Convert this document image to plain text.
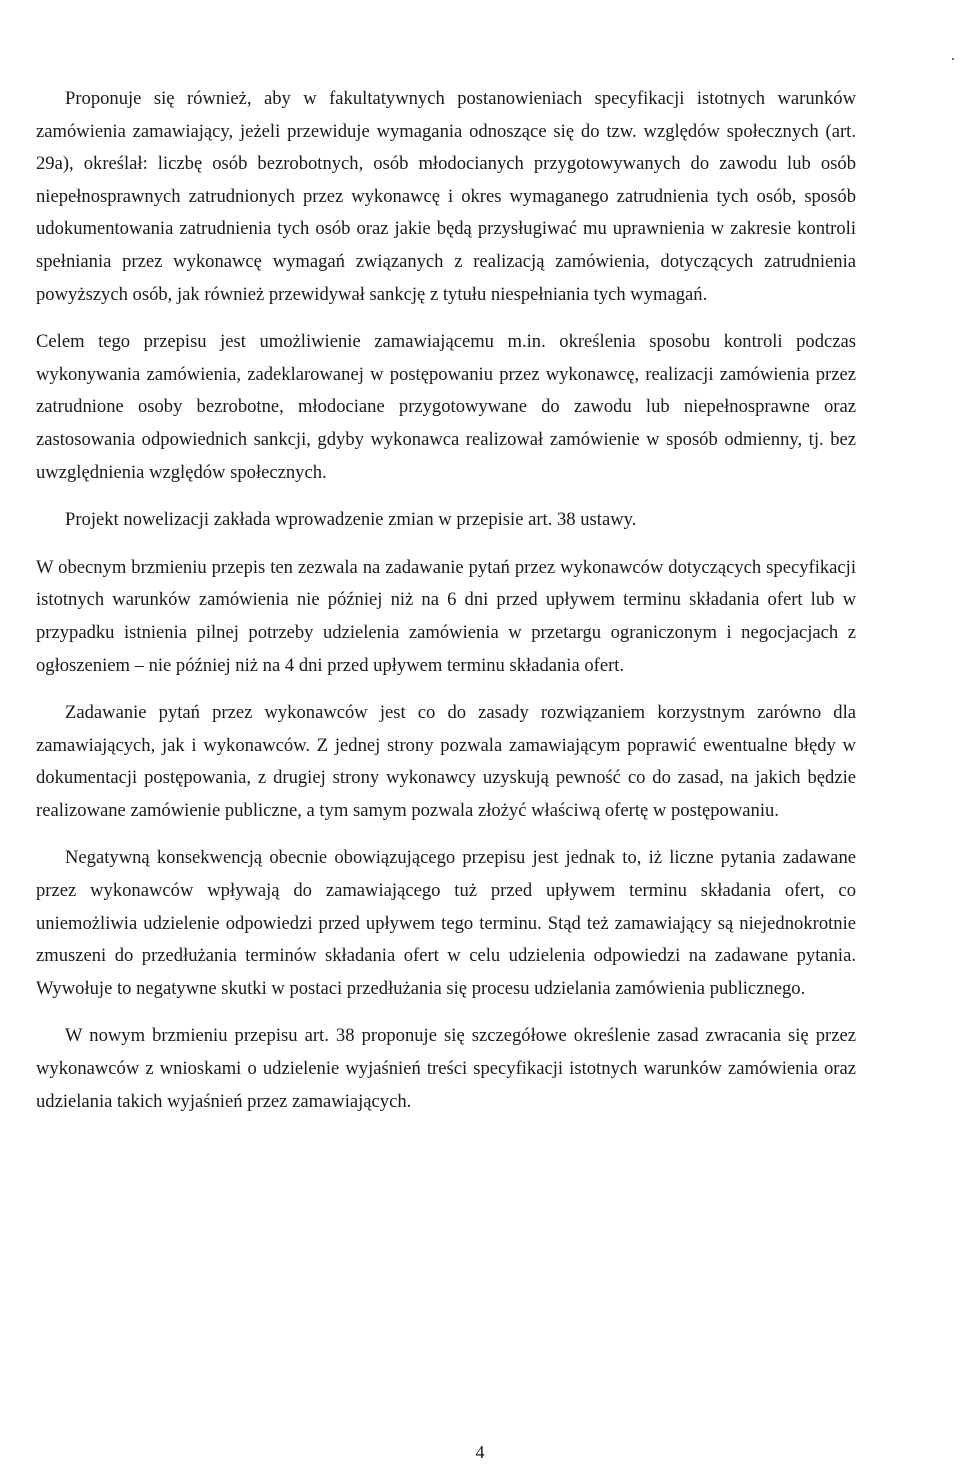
Proponuje się również, aby w fakultatywnych postanowieniach specyfikacji istotnych warunków zamówienia zamawiający, jeżeli przewiduje wymagania odnoszące się do tzw. względów społecznych (art. 29a), określał: liczbę osób bezrobotnych, osób młodocianych przygotowywanych do zawodu lub osób niepełnosprawnych zatrudnionych przez wykonawcę i okres wymaganego zatrudnienia tych osób, sposób udokumentowania zatrudnienia tych osób oraz jakie będą przysługiwać mu uprawnienia w zakresie kontroli spełniania przez wykonawcę wymagań związanych z realizacją zamówienia, dotyczących zatrudnienia powyższych osób, jak również przewidywał sankcję z tytułu niespełniania tych wymagań.

Celem tego przepisu jest umożliwienie zamawiającemu m.in. określenia sposobu kontroli podczas wykonywania zamówienia, zadeklarowanej w postępowaniu przez wykonawcę, realizacji zamówienia przez zatrudnione osoby bezrobotne, młodociane przygotowywane do zawodu lub niepełnosprawne oraz zastosowania odpowiednich sankcji, gdyby wykonawca realizował zamówienie w sposób odmienny, tj. bez uwzględnienia względów społecznych.

Projekt nowelizacji zakłada wprowadzenie zmian w przepisie art. 38 ustawy.

W obecnym brzmieniu przepis ten zezwala na zadawanie pytań przez wykonawców dotyczących specyfikacji istotnych warunków zamówienia nie później niż na 6 dni przed upływem terminu składania ofert lub w przypadku istnienia pilnej potrzeby udzielenia zamówienia w przetargu ograniczonym i negocjacjach z ogłoszeniem – nie później niż na 4 dni przed upływem terminu składania ofert.

Zadawanie pytań przez wykonawców jest co do zasady rozwiązaniem korzystnym zarówno dla zamawiających, jak i wykonawców. Z jednej strony pozwala zamawiającym poprawić ewentualne błędy w dokumentacji postępowania, z drugiej strony wykonawcy uzyskują pewność co do zasad, na jakich będzie realizowane zamówienie publiczne, a tym samym pozwala złożyć właściwą ofertę w postępowaniu.

Negatywną konsekwencją obecnie obowiązującego przepisu jest jednak to, iż liczne pytania zadawane przez wykonawców wpływają do zamawiającego tuż przed upływem terminu składania ofert, co uniemożliwia udzielenie odpowiedzi przed upływem tego terminu. Stąd też zamawiający są niejednokrotnie zmuszeni do przedłużania terminów składania ofert w celu udzielenia odpowiedzi na zadawane pytania. Wywołuje to negatywne skutki w postaci przedłużania się procesu udzielania zamówienia publicznego.

W nowym brzmieniu przepisu art. 38 proponuje się szczegółowe określenie zasad zwracania się przez wykonawców z wnioskami o udzielenie wyjaśnień treści specyfikacji istotnych warunków zamówienia oraz udzielania takich wyjaśnień przez zamawiających.

4
